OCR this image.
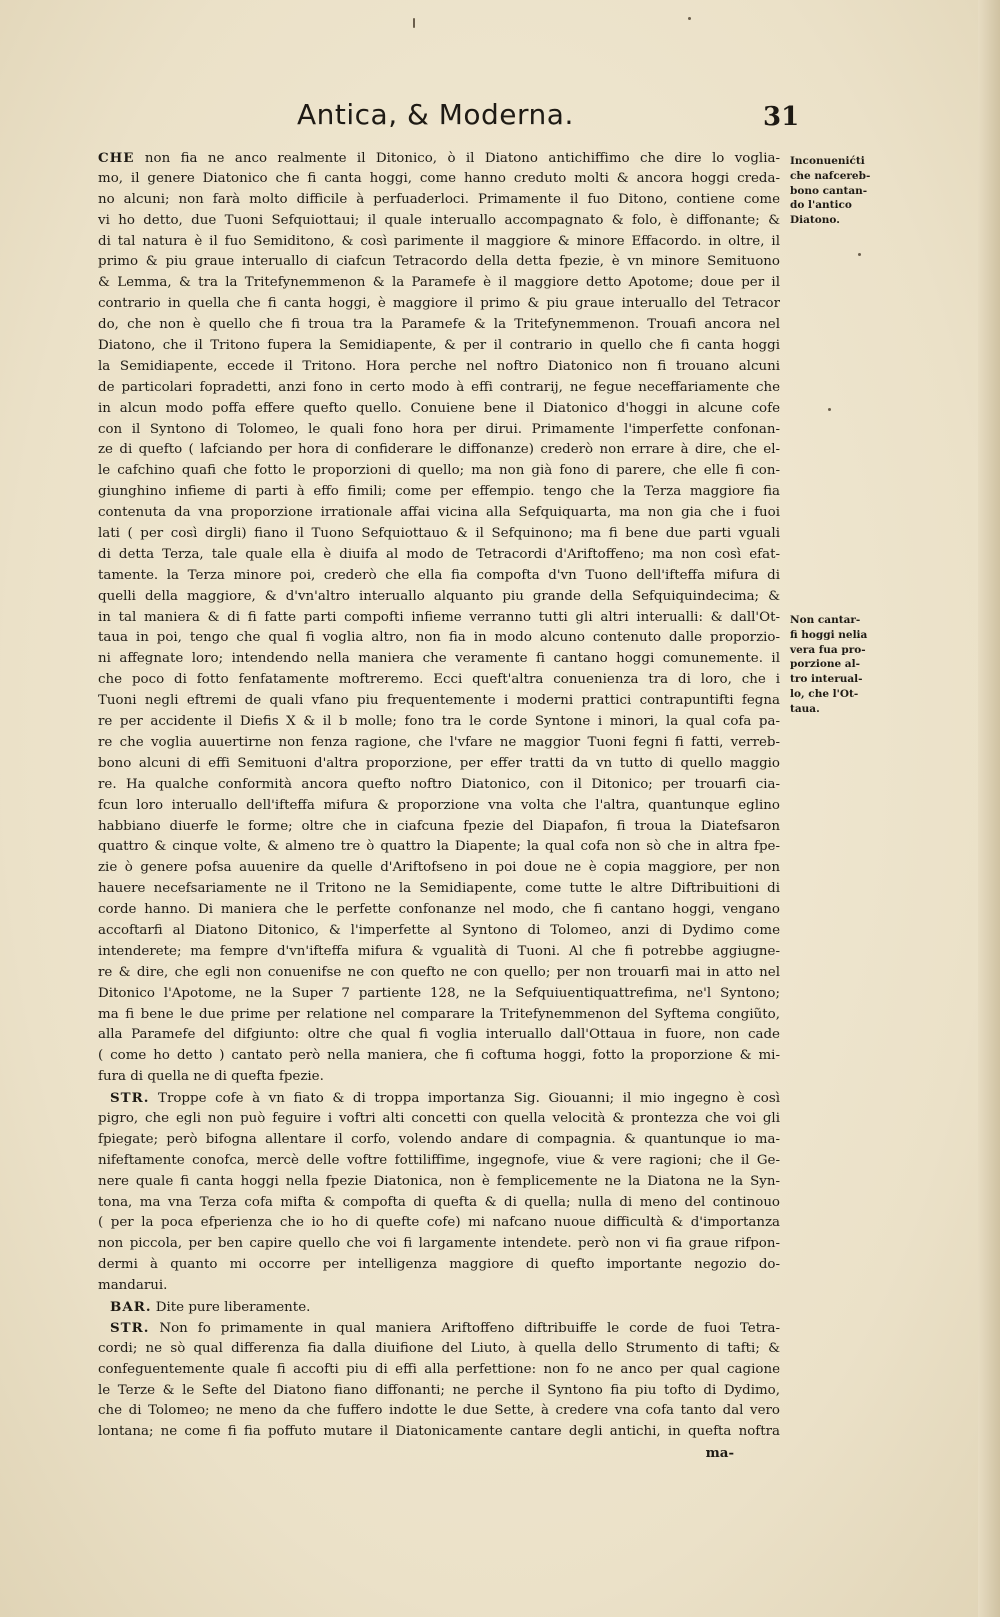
Antica, & Moderna.	31
CHE non fia ne anco realmente il Ditonico, ò il Diatono antichiffimo che dire lo voglia-
mo, il genere Diatonico che fi canta hoggi, come hanno creduto molti & ancora hoggi creda-
no alcuni; non farà molto difficile à perfuaderloci. Primamente il fuo Ditono, contiene come
vi ho detto, due Tuoni Sefquiottaui; il quale interuallo accompagnato & folo, è diffonante; &
di tal natura è il fuo Semiditono, & così parimente il maggiore & minore Effacordo. in oltre, il
primo & piu graue interuallo di ciafcun Tetracordo della detta fpezie, è vn minore Semituono
& Lemma, & tra la Tritefynemmenon & la Paramefe è il maggiore detto Apotome; doue per il
contrario in quella che fi canta hoggi, è maggiore il primo & piu graue interuallo del Tetracor
do, che non è quello che fi troua tra la Paramefe & la Tritefynemmenon. Trouafi ancora nel
Diatono, che il Tritono fupera la Semidiapente, & per il contrario in quello che fi canta hoggi
la Semidiapente, eccede il Tritono. Hora perche nel noftro Diatonico non fi trouano alcuni
de particolari fopradetti, anzi fono in certo modo à effi contrarij, ne fegue neceffariamente che
in alcun modo poffa effere quefto quello. Conuiene bene il Diatonico d'hoggi in alcune cofe
con il Syntono di Tolomeo, le quali fono hora per dirui. Primamente l'imperfette confonan-
ze di quefto ( lafciando per hora di confiderare le diffonanze) crederò non errare à dire, che el-
le cafchino quafi che fotto le proporzioni di quello; ma non già fono di parere, che elle fi con-
giunghino infieme di parti à effo fimili; come per effempio. tengo che la Terza maggiore fia
contenuta da vna proporzione irrationale affai vicina alla Sefquiquarta, ma non gia che i fuoi
lati ( per così dirgli) fiano il Tuono Sefquiottauo & il Sefquinono; ma fi bene due parti vguali
di detta Terza, tale quale ella è diuifa al modo de Tetracordi d'Ariftoffeno; ma non così efat-
tamente. la Terza minore poi, crederò che ella fia compofta d'vn Tuono dell'ifteffa mifura di
quelli della maggiore, & d'vn'altro interuallo alquanto piu grande della Sefquiquindecima; &
in tal maniera & di fi fatte parti compofti infieme verranno tutti gli altri interualli: & dall'Ot-
taua in poi, tengo che qual fi voglia altro, non fia in modo alcuno contenuto dalle proporzio-
ni affegnate loro; intendendo nella maniera che veramente fi cantano hoggi comunemente. il
che poco di fotto fenfatamente moftreremo. Ecci queft'altra conuenienza tra di loro, che i
Tuoni negli eftremi de quali vfano piu frequentemente i moderni prattici contrapuntifti fegna
re per accidente il Diefis X & il b molle; fono tra le corde Syntone i minori, la qual cofa pa-
re che voglia auuertirne non fenza ragione, che l'vfare ne maggior Tuoni fegni fi fatti, verreb-
bono alcuni di effi Semituoni d'altra proporzione, per effer tratti da vn tutto di quello maggio
re. Ha qualche conformità ancora quefto noftro Diatonico, con il Ditonico; per trouarfi cia-
fcun loro interuallo dell'ifteffa mifura & proporzione vna volta che l'altra, quantunque eglino
habbiano diuerfe le forme; oltre che in ciafcuna fpezie del Diapafon, fi troua la Diatefsaron
quattro & cinque volte, & almeno tre ò quattro la Diapente; la qual cofa non sò che in altra fpe-
zie ò genere pofsa auuenire da quelle d'Ariftofseno in poi doue ne è copia maggiore, per non
hauere necefsariamente ne il Tritono ne la Semidiapente, come tutte le altre Diftribuitioni di
corde hanno. Di maniera che le perfette confonanze nel modo, che fi cantano hoggi, vengano
accoftarfi al Diatono Ditonico, & l'imperfette al Syntono di Tolomeo, anzi di Dydimo come
intenderete; ma fempre d'vn'ifteffa mifura & vgualità di Tuoni. Al che fi potrebbe aggiugne-
re & dire, che egli non conuenifse ne con quefto ne con quello; per non trouarfi mai in atto nel
Ditonico l'Apotome, ne la Super 7 partiente 128, ne la Sefquiuentiquattrefima, ne'l Syntono;
ma fi bene le due prime per relatione nel comparare la Tritefynemmenon del Syftema congiũto,
alla Paramefe del difgiunto: oltre che qual fi voglia interuallo dall'Ottaua in fuore, non cade
( come ho detto ) cantato però nella maniera, che fi coftuma hoggi, fotto la proporzione & mi-
fura di quella ne di quefta fpezie.
STR. Troppe cofe à vn fiato & di troppa importanza Sig. Giouanni; il mio ingegno è così
pigro, che egli non può feguire i voftri alti concetti con quella velocità & prontezza che voi gli
fpiegate; però bifogna allentare il corfo, volendo andare di compagnia. & quantunque io ma-
nifeftamente conofca, mercè delle voftre fottiliffime, ingegnofe, viue & vere ragioni; che il Ge-
nere quale fi canta hoggi nella fpezie Diatonica, non è femplicemente ne la Diatona ne la Syn-
tona, ma vna Terza cofa mifta & compofta di quefta & di quella; nulla di meno del continouo
( per la poca efperienza che io ho di quefte cofe) mi nafcano nuoue difficultà & d'importanza
non piccola, per ben capire quello che voi fi largamente intendete. però non vi fia graue rifpon-
dermi à quanto mi occorre per intelligenza maggiore di quefto importante negozio do-
mandarui.
BAR. Dite pure liberamente.
STR. Non fo primamente in qual maniera Ariftoffeno diftribuiffe le corde de fuoi Tetra-
cordi; ne sò qual differenza fia dalla diuifione del Liuto, à quella dello Strumento di tafti; &
confeguentemente quale fi accofti piu di effi alla perfettione: non fo ne anco per qual cagione
le Terze & le Sefte del Diatono fiano diffonanti; ne perche il Syntono fia piu tofto di Dydimo,
che di Tolomeo; ne meno da che fuffero indotte le due Sette, à credere vna cofa tanto dal vero
lontana; ne come fi fia poffuto mutare il Diatonicamente cantare degli antichi, in quefta noftra
ma-
Inconuenićti
che nafcereb-
bono cantan-
do l'antico
Diatono.
Non cantar-
fi hoggi nelia
vera fua pro-
porzione al-
tro interual-
lo, che l'Ot-
taua.
